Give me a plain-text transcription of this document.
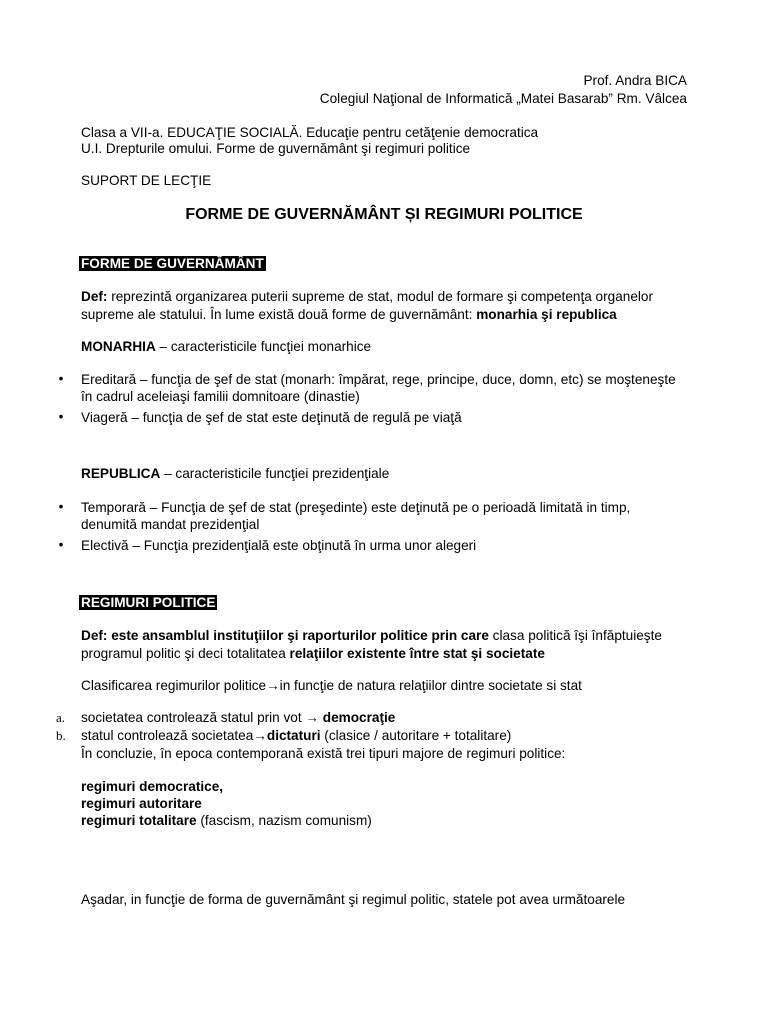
Prof. Andra BICA
Colegiul Naţional de Informatică „Matei Basarab” Rm. Vâlcea
Clasa a VII-a. EDUCAŢIE SOCIALĂ. Educaţie pentru cetăţenie democratica
U.I. Drepturile omului. Forme de guvernământ şi regimuri politice
SUPORT DE LECŢIE
FORME DE GUVERNĂMÂNT ȘI REGIMURI POLITICE
FORME DE GUVERNĂMÂNT
Def: reprezintă organizarea puterii supreme de stat, modul de formare şi competenţa organelor
supreme ale statului. În lume există două forme de guvernământ: monarhia şi republica
MONARHIA – caracteristicile funcţiei monarhice
• Ereditară – funcţia de şef de stat (monarh: împărat, rege, principe, duce, domn, etc) se moşteneşte
în cadrul aceleiaşi familii domnitoare (dinastie)
• Viageră – funcţia de şef de stat este deţinută de regulă pe viaţă
REPUBLICA – caracteristicile funcţiei prezidenţiale
• Temporară – Funcţia de şef de stat (preşedinte) este deţinută pe o perioadă limitată in timp,
denumită mandat prezidenţial
• Electivă – Funcţia prezidenţială este obţinută în urma unor alegeri
REGIMURI POLITICE
Def: este ansamblul instituţiilor şi raporturilor politice prin care clasa politică îşi înfăptuieşte
programul politic şi deci totalitatea relaţiilor existente între stat şi societate
Clasificarea regimurilor politice→in funcţie de natura relaţiilor dintre societate si stat
a. societatea controlează statul prin vot → democraţie
b. statul controlează societatea→dictaturi (clasice / autoritare + totalitare)
În concluzie, în epoca contemporană există trei tipuri majore de regimuri politice:
regimuri democratice,
regimuri autoritare
regimuri totalitare (fascism, nazism comunism)
Aşadar, in funcţie de forma de guvernământ şi regimul politic, statele pot avea următoarele
